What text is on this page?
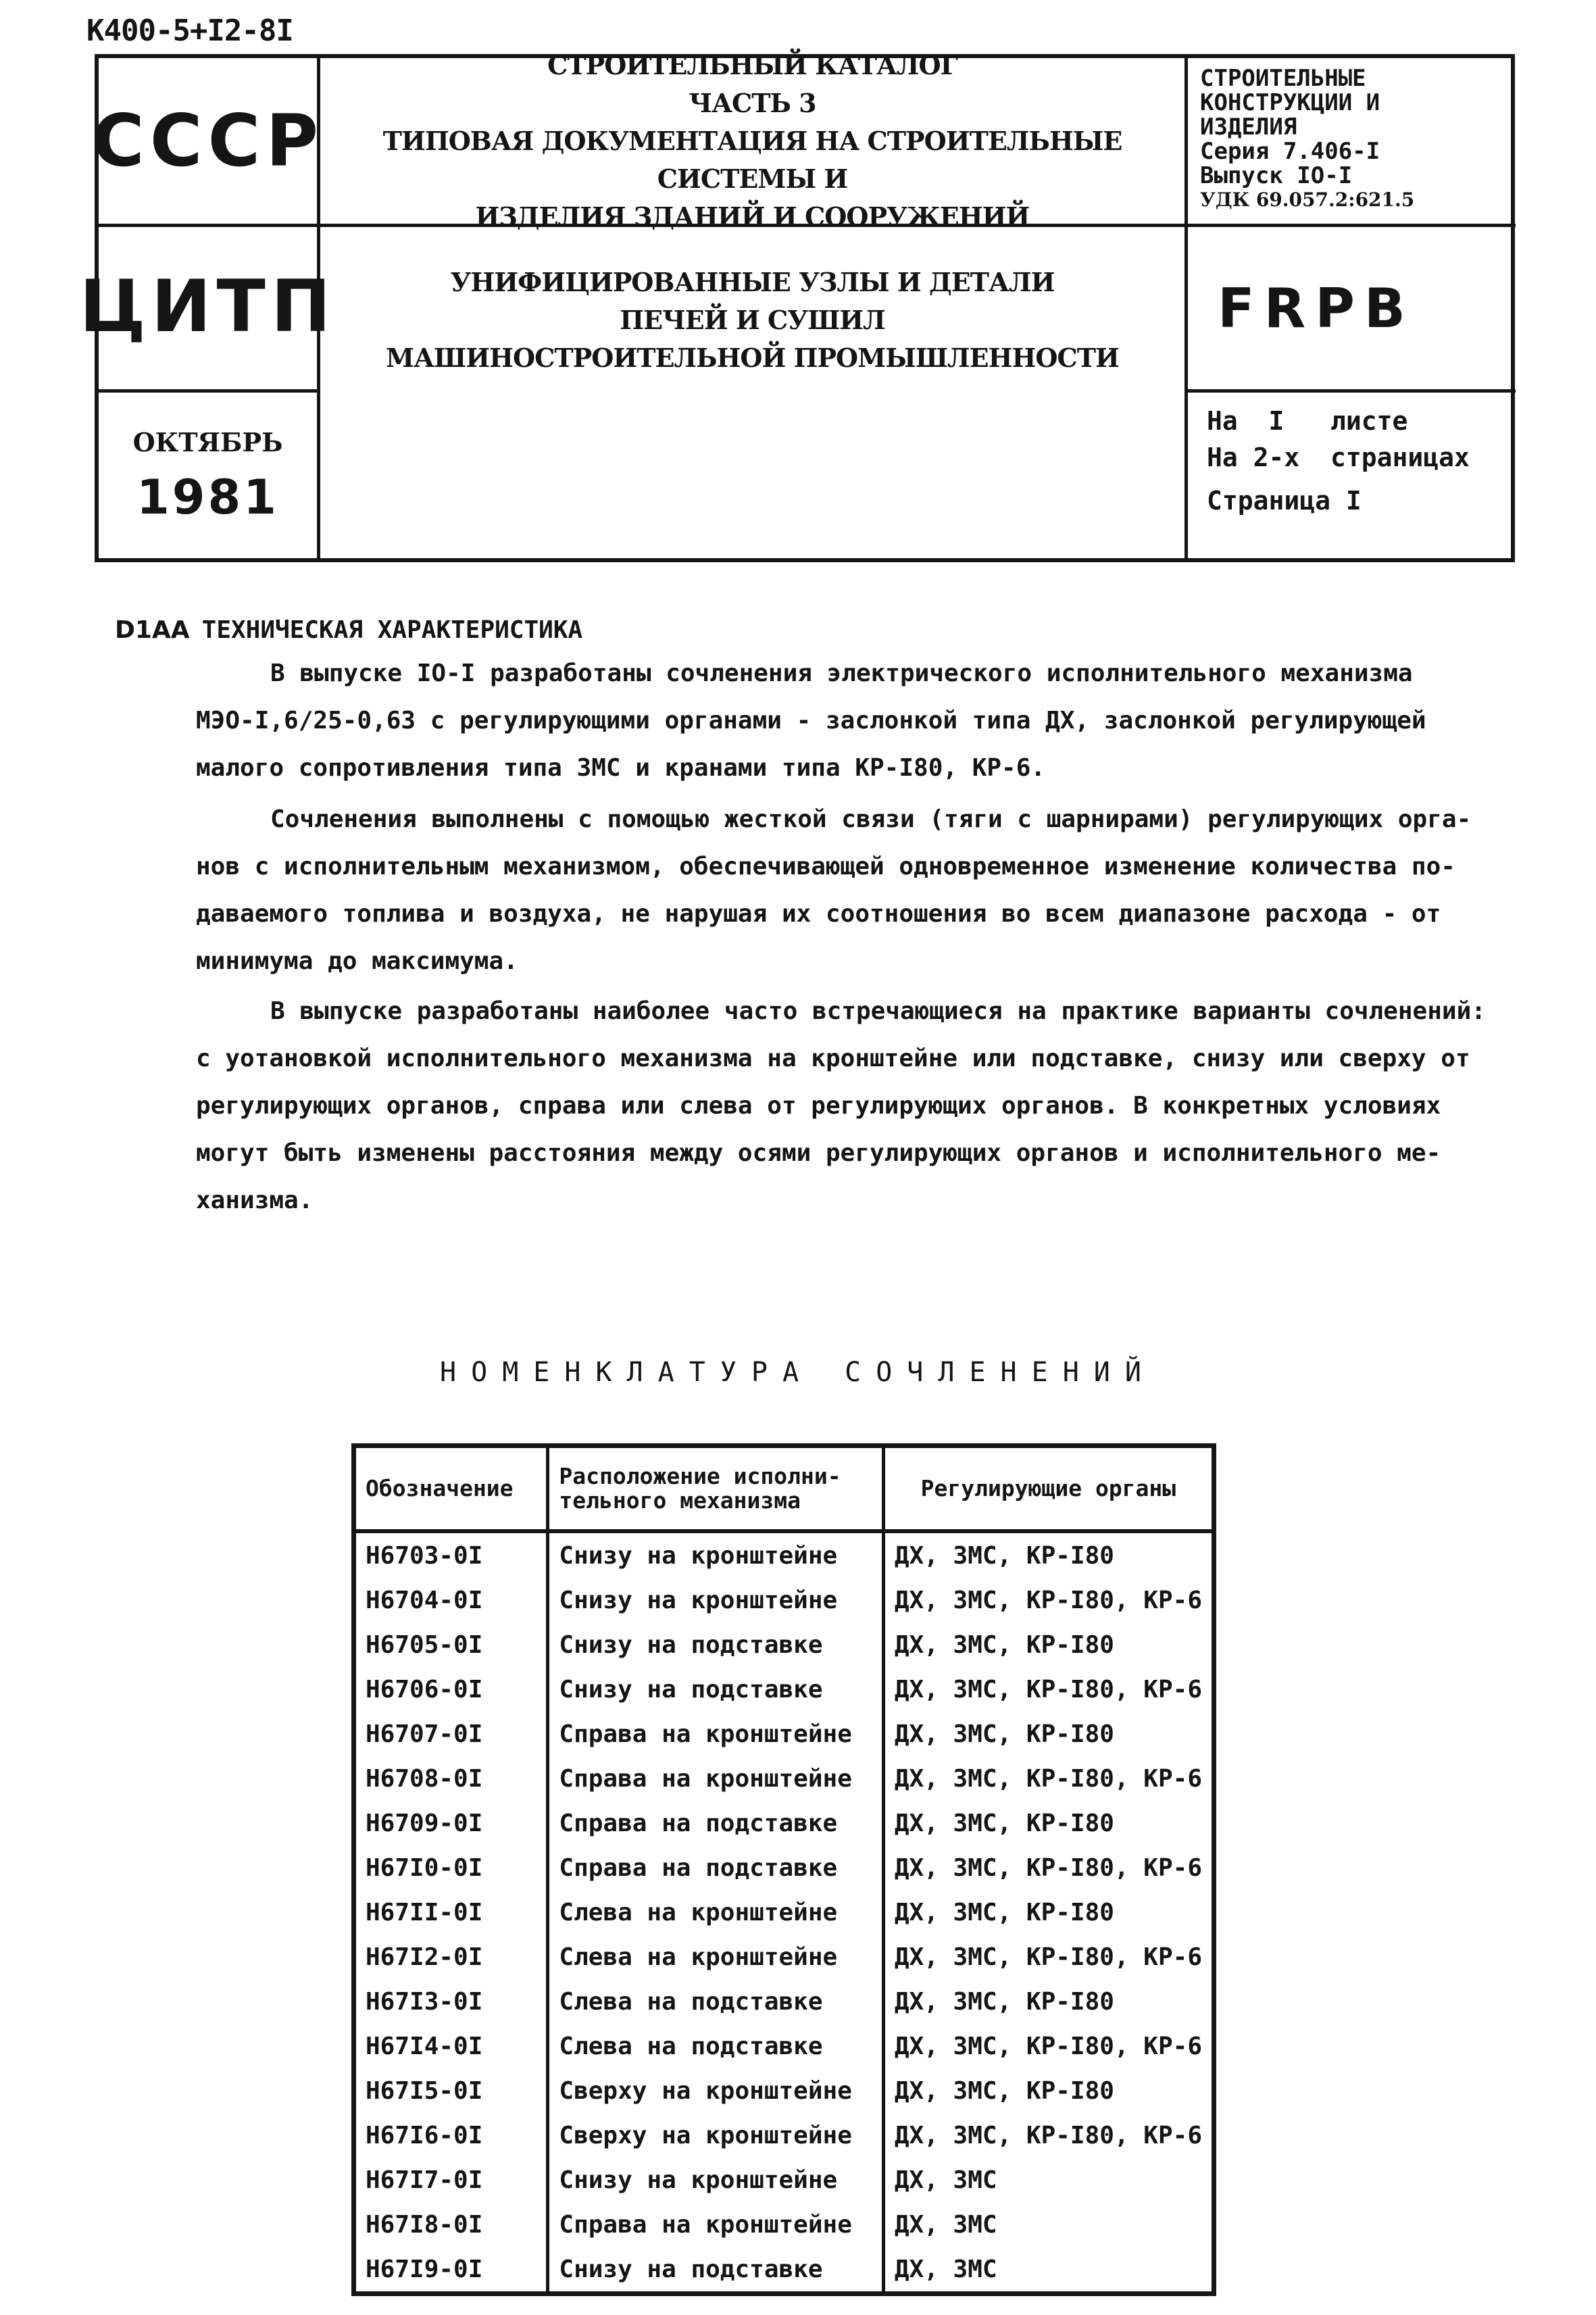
К400-5+I2-8I
СССР
ЦИТП
ОКТЯБРЬ
1981
СТРОИТЕЛЬНЫЙ КАТАЛОГ
ЧАСТЬ 3
ТИПОВАЯ ДОКУМЕНТАЦИЯ НА СТРОИТЕЛЬНЫЕ СИСТЕМЫ И
ИЗДЕЛИЯ ЗДАНИЙ И СООРУЖЕНИЙ
УНИФИЦИРОВАННЫЕ УЗЛЫ И ДЕТАЛИ
ПЕЧЕЙ И СУШИЛ
МАШИНОСТРОИТЕЛЬНОЙ ПРОМЫШЛЕННОСТИ
СТРОИТЕЛЬНЫЕ
КОНСТРУКЦИИ И
ИЗДЕЛИЯ
Серия 7.406-I
Выпуск IO-I
УДК 69.057.2:621.5
FRPB
На  I   листе
На 2-х  страницах
Страница I
D1АА ТЕХНИЧЕСКАЯ ХАРАКТЕРИСТИКА
В выпуске IO-I разработаны сочленения электрического исполнительного механизма
МЭО-I,6/25-0,63 с регулирующими органами - заслонкой типа ДХ, заслонкой регулирующей
малого сопротивления типа ЗМС и кранами типа КР-I80, КР-6.
Сочленения выполнены с помощью жесткой связи (тяги с шарнирами) регулирующих орга-
нов с исполнительным механизмом, обеспечивающей одновременное изменение количества по-
даваемого топлива и воздуха, не нарушая их соотношения во всем диапазоне расхода - от
минимума до максимума.
В выпуске разработаны наиболее часто встречающиеся на практике варианты сочленений:
с уотановкой исполнительного механизма на кронштейне или подставке, снизу или сверху от
регулирующих органов, справа или слева от регулирующих органов. В конкретных условиях
могут быть изменены расстояния между осями регулирующих органов и исполнительного ме-
ханизма.
НОМЕНКЛАТУРА СОЧЛЕНЕНИЙ
Обозначение	Расположение исполни-тельного механизма	Регулирующие органы
Н6703-0I	Снизу на кронштейне	ДХ, ЗМС, КР-I80
Н6704-0I	Снизу на кронштейне	ДХ, ЗМС, КР-I80, КР-6
Н6705-0I	Снизу на подставке	ДХ, ЗМС, КР-I80
Н6706-0I	Снизу на подставке	ДХ, ЗМС, КР-I80, КР-6
Н6707-0I	Справа на кронштейне	ДХ, ЗМС, КР-I80
Н6708-0I	Справа на кронштейне	ДХ, ЗМС, КР-I80, КР-6
Н6709-0I	Справа на подставке	ДХ, ЗМС, КР-I80
Н67I0-0I	Справа на подставке	ДХ, ЗМС, КР-I80, КР-6
Н67II-0I	Слева на кронштейне	ДХ, ЗМС, КР-I80
Н67I2-0I	Слева на кронштейне	ДХ, ЗМС, КР-I80, КР-6
Н67I3-0I	Слева на подставке	ДХ, ЗМС, КР-I80
Н67I4-0I	Слева на подставке	ДХ, ЗМС, КР-I80, КР-6
Н67I5-0I	Сверху на кронштейне	ДХ, ЗМС, КР-I80
Н67I6-0I	Сверху на кронштейне	ДХ, ЗМС, КР-I80, КР-6
Н67I7-0I	Снизу на кронштейне	ДХ, ЗМС
Н67I8-0I	Справа на кронштейне	ДХ, ЗМС
Н67I9-0I	Снизу на подставке	ДХ, ЗМС
